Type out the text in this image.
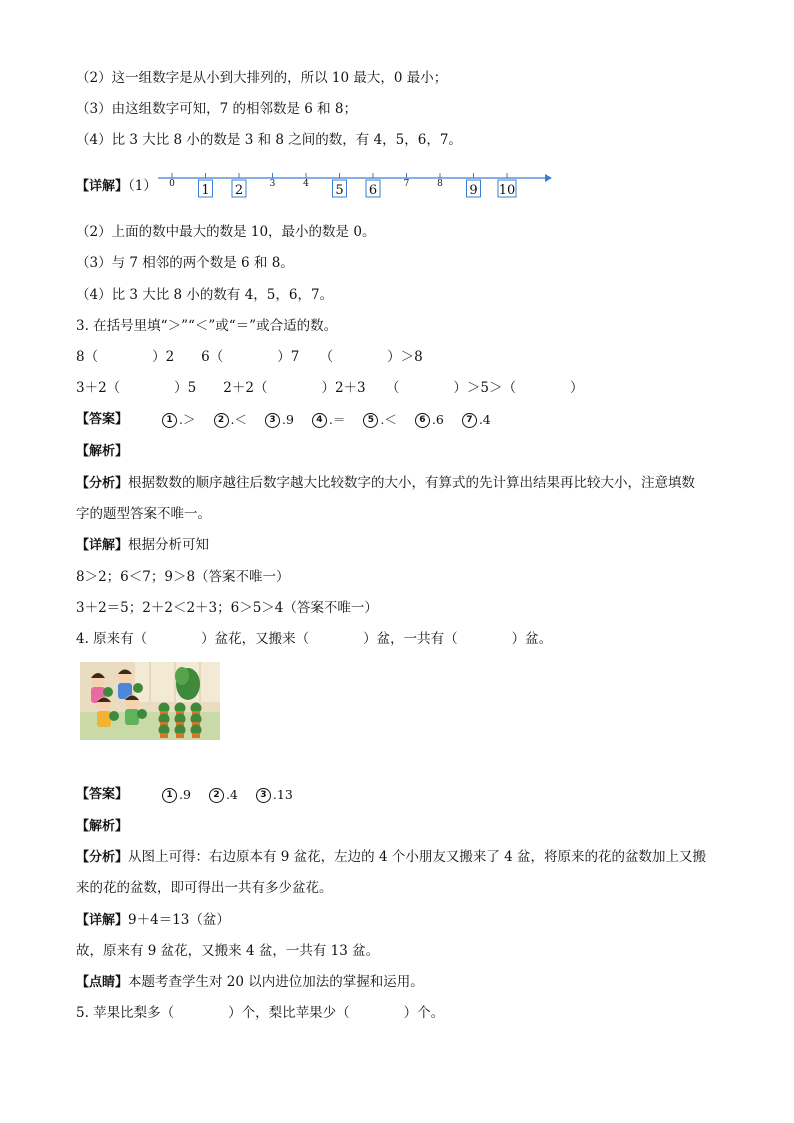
（2）这一组数字是从小到大排列的，所以 10 最大，0 最小；
（3）由这组数字可知，7 的相邻数是 6 和 8；
（4）比 3 大比 8 小的数是 3 和 8 之间的数，有 4，5，6，7。
【详解】（1） 0 1 2	3	4 5 6	7	8 9 10
（2）上面的数中最大的数是 10，最小的数是 0。
（3）与 7 相邻的两个数是 6 和 8。
（4）比 3 大比 8 小的数有 4，5，6，7。
3. 在括号里填“＞”“＜”或“＝”或合适的数。
8（　　　　）2　　6（　　　　）7　　（　　　　）＞8
3＋2（　　　　）5　　2＋2（　　　　）2＋3　　（　　　　）＞5＞（　　　　）
【答案】	1 .＞	2 .＜	3 .9	4 .＝	5 .＜	6 .6	7 .4
【解析】
【分析】根据数数的顺序越往后数字越大比较数字的大小，有算式的先计算出结果再比较大小，注意填数
字的题型答案不唯一。
【详解】根据分析可知
8＞2；6＜7；9＞8（答案不唯一）
3＋2＝5；2＋2＜2＋3；6＞5＞4（答案不唯一）
4. 原来有（　　　　）盆花，又搬来（　　　　）盆，一共有（　　　　）盆。
【答案】	1 .9	2 .4	3 .13
【解析】
【分析】从图上可得：右边原本有 9 盆花，左边的 4 个小朋友又搬来了 4 盆，将原来的花的盆数加上又搬
来的花的盆数，即可得出一共有多少盆花。
【详解】9＋4＝13（盆）
故，原来有 9 盆花，又搬来 4 盆，一共有 13 盆。
【点睛】本题考查学生对 20 以内进位加法的掌握和运用。
5. 苹果比梨多（　　　　）个，梨比苹果少（　　　　）个。
